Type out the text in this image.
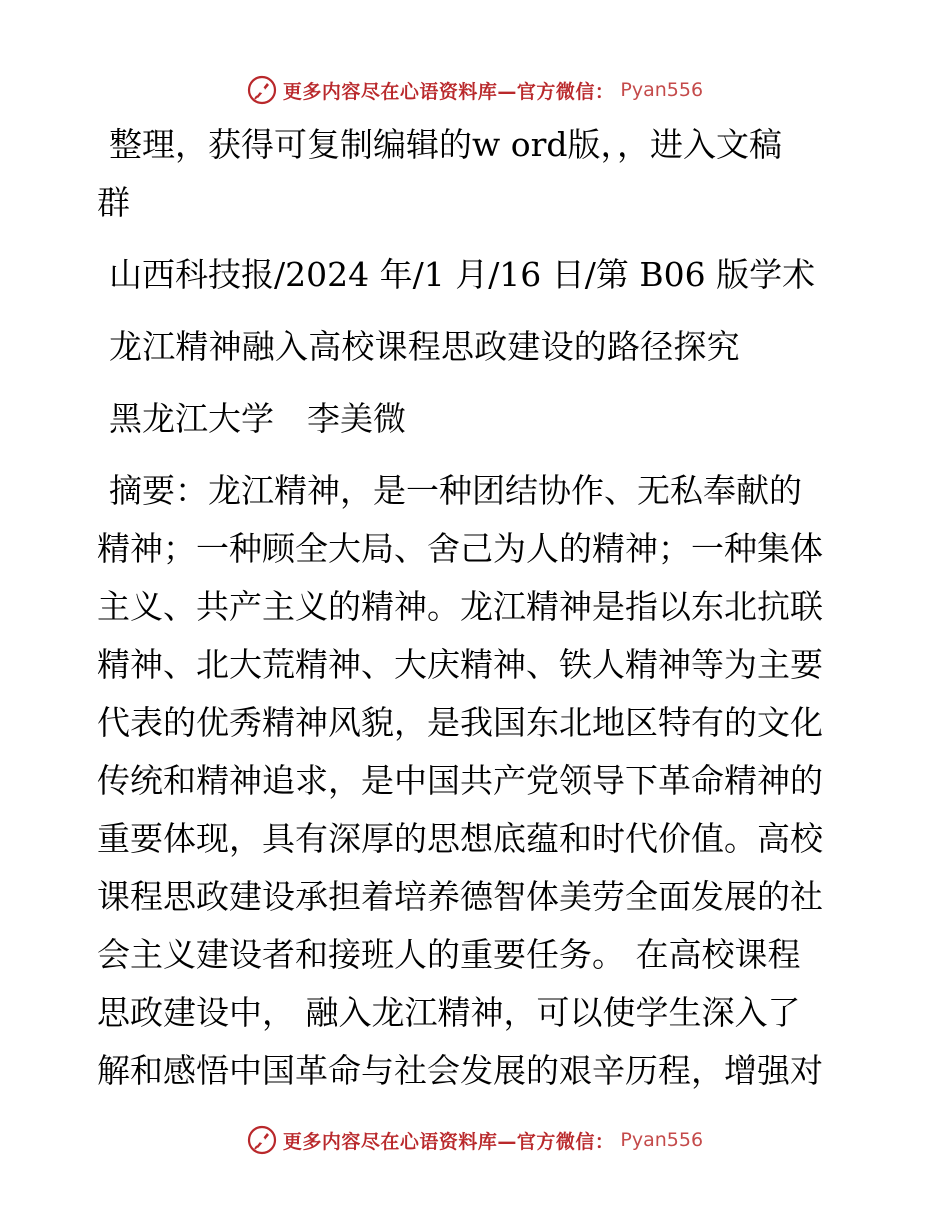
更多内容尽在心语资料库—官方微信： Pyan556
整理，获得可复制编辑的w ord版，，进入文稿
群
山西科技报/2024 年/1 月/16 日/第 B06 版学术
龙江精神融入高校课程思政建设的路径探究
黑龙江大学　李美微
摘要：龙江精神，是一种团结协作、无私奉献的
精神；一种顾全大局、舍己为人的精神；一种集体
主义、共产主义的精神。龙江精神是指以东北抗联
精神、北大荒精神、大庆精神、铁人精神等为主要
代表的优秀精神风貌，是我国东北地区特有的文化
传统和精神追求，是中国共产党领导下革命精神的
重要体现，具有深厚的思想底蕴和时代价值。高校
课程思政建设承担着培养德智体美劳全面发展的社
会主义建设者和接班人的重要任务。 在高校课程
思政建设中， 融入龙江精神，可以使学生深入了
解和感悟中国革命与社会发展的艰辛历程，增强对
更多内容尽在心语资料库—官方微信： Pyan556
